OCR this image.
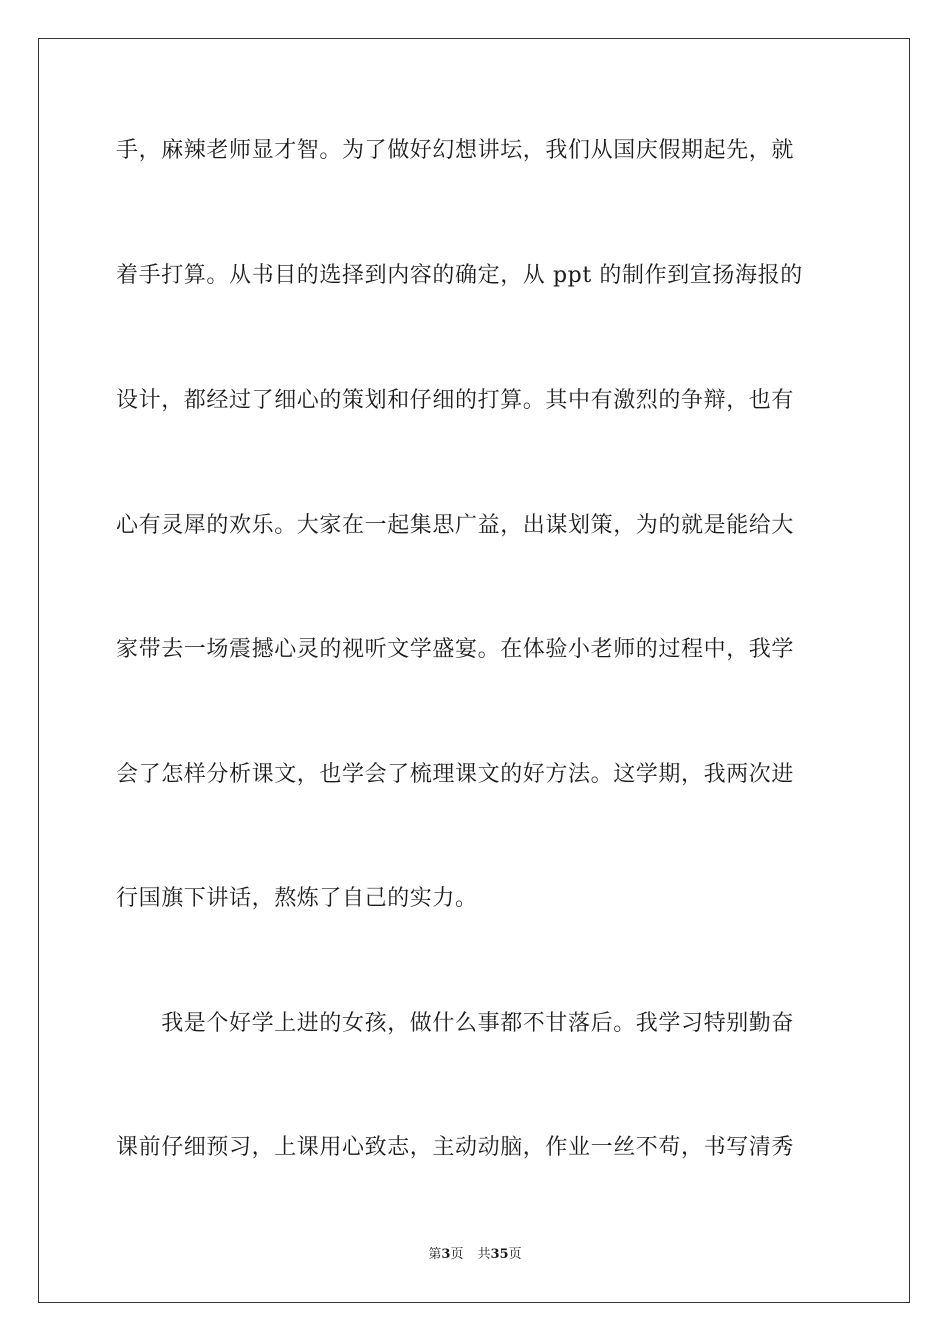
手，麻辣老师显才智。为了做好幻想讲坛，我们从国庆假期起先，就
着手打算。从书目的选择到内容的确定，从 ppt 的制作到宣扬海报的
设计，都经过了细心的策划和仔细的打算。其中有激烈的争辩，也有
心有灵犀的欢乐。大家在一起集思广益，出谋划策，为的就是能给大
家带去一场震撼心灵的视听文学盛宴。在体验小老师的过程中，我学
会了怎样分析课文，也学会了梳理课文的好方法。这学期，我两次进
行国旗下讲话，熬炼了自己的实力。
　　我是个好学上进的女孩，做什么事都不甘落后。我学习特别勤奋
课前仔细预习，上课用心致志，主动动脑，作业一丝不苟，书写清秀
第3页 共35页
